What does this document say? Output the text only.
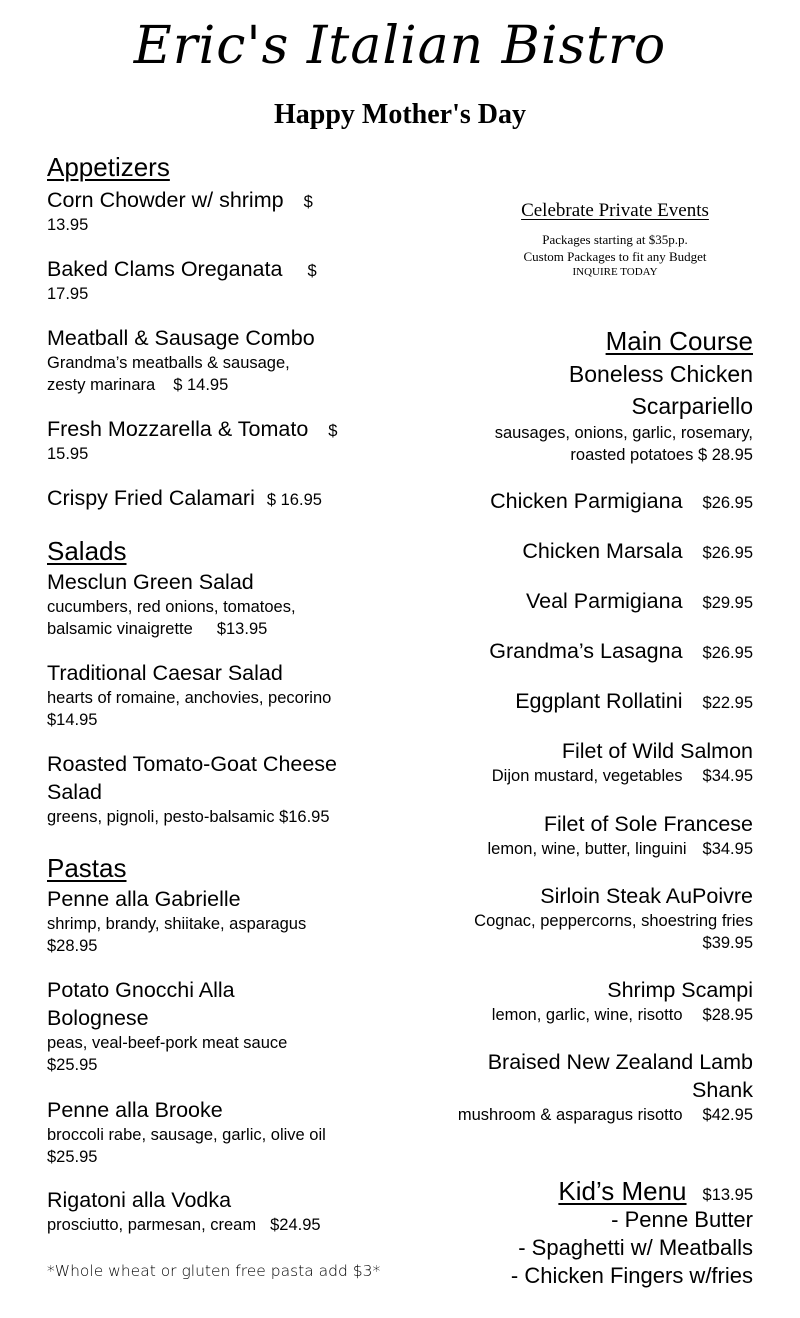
Eric's Italian Bistro
Happy Mother's Day
Appetizers
Corn Chowder w/ shrimp $
13.95
Baked Clams Oreganata $
17.95
Meatball & Sausage Combo
Grandma’s meatballs & sausage,
zesty marinara $ 14.95
Fresh Mozzarella & Tomato $
15.95
Crispy Fried Calamari $ 16.95
Salads
Mesclun Green Salad
cucumbers, red onions, tomatoes,
balsamic vinaigrette $13.95
Traditional Caesar Salad
hearts of romaine, anchovies, pecorino
$14.95
Roasted Tomato-Goat Cheese
Salad
greens, pignoli, pesto-balsamic $16.95
Pastas
Penne alla Gabrielle
shrimp, brandy, shiitake, asparagus
$28.95
Potato Gnocchi Alla
Bolognese
peas, veal-beef-pork meat sauce
$25.95
Penne alla Brooke
broccoli rabe, sausage, garlic, olive oil
$25.95
Rigatoni alla Vodka
prosciutto, parmesan, cream $24.95
*Whole wheat or gluten free pasta add $3*
Celebrate Private Events
Packages starting at $35p.p.
Custom Packages to fit any Budget
INQUIRE TODAY
Main Course
Boneless Chicken
Scarpariello
sausages, onions, garlic, rosemary,
roasted potatoes $ 28.95
Chicken Parmigiana $26.95
Chicken Marsala $26.95
Veal Parmigiana $29.95
Grandma’s Lasagna $26.95
Eggplant Rollatini $22.95
Filet of Wild Salmon
Dijon mustard, vegetables $34.95
Filet of Sole Francese
lemon, wine, butter, linguini $34.95
Sirloin Steak AuPoivre
Cognac, peppercorns, shoestring fries
$39.95
Shrimp Scampi
lemon, garlic, wine, risotto $28.95
Braised New Zealand Lamb
Shank
mushroom & asparagus risotto $42.95
Kid’s Menu $13.95
- Penne Butter
- Spaghetti w/ Meatballs
- Chicken Fingers w/fries
